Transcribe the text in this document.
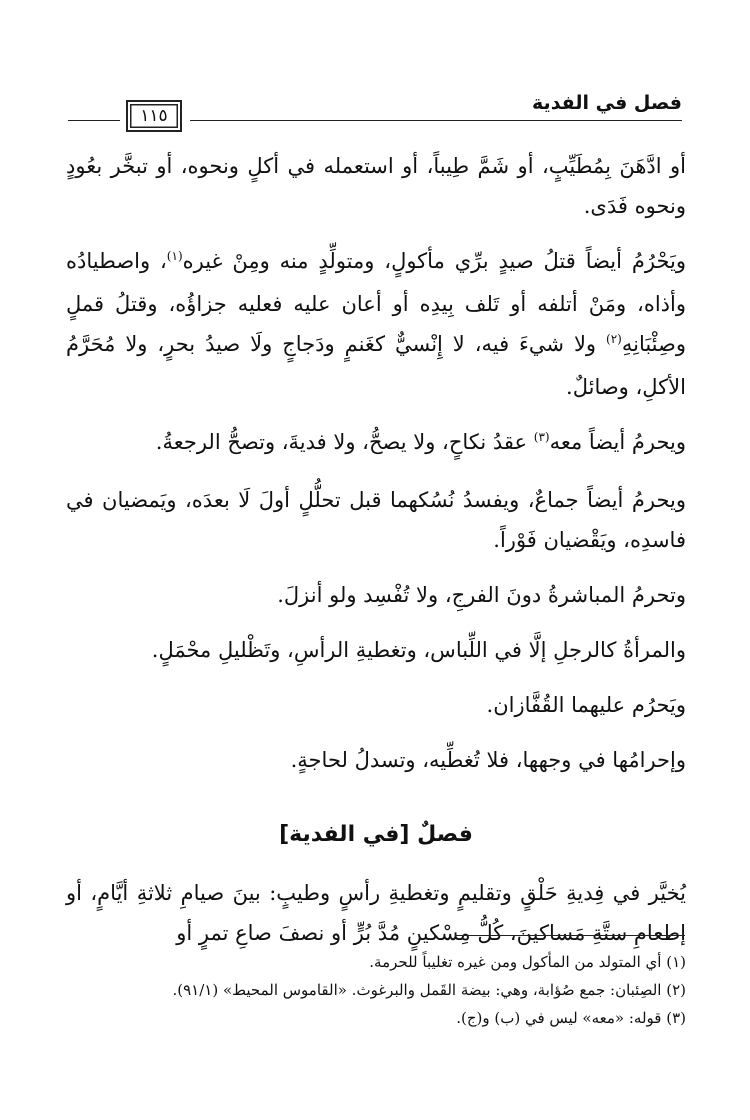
فصل في الفدية
١١٥

أو ادَّهَنَ بِمُطَيِّبٍ، أو شَمَّ طِيباً، أو استعمله في أكلٍ ونحوه، أو تبخَّر بعُودٍ ونحوه فَدَى.

ويَحْرُمُ أيضاً قتلُ صيدٍ برِّي مأكولٍ، ومتولِّدٍ منه ومِنْ غيره$^{(١)}$، واصطيادُه وأذاه، ومَنْ أتلفه أو تَلف بِيدِه أو أعان عليه فعليه جزاؤُه، وقتلُ قملٍ وصِئْبَانِهِ$^{(٢)}$ ولا شيءَ فيه، لا إِنْسيٌّ كغَنمٍ ودَجاجٍ ولَا صيدُ بحرٍ، ولا مُحَرَّمُ الأكلِ، وصائلٌ.

ويحرمُ أيضاً معه$^{(٣)}$ عقدُ نكاحٍ، ولا يصحُّ، ولا فديةَ، وتصحُّ الرجعةُ.

ويحرمُ أيضاً جماعٌ، ويفسدُ نُسُكهما قبل تحلُّلٍ أولَ لَا بعدَه، ويَمضيان في فاسدِه، ويَقْضيان فَوْراً.

وتحرمُ المباشرةُ دونَ الفرجِ، ولا تُفْسِد ولو أنزلَ.

والمرأةُ كالرجلِ إلَّا في اللِّباس، وتغطيةِ الرأسِ، وتَظْليلِ محْمَلٍ.

ويَحرُم عليهما القُفَّازان.

وإحرامُها في وجهها، فلا تُغطِّيه، وتسدلُ لحاجةٍ.

فصلٌ [في الفدية]

يُخيَّر في فِديةِ حَلْقٍ وتقليمٍ وتغطيةِ رأسٍ وطيبٍ: بينَ صيامِ ثلاثةِ أيَّامٍ، أو إطعامِ ستَّةِ مَساكينَ، كُلُّ مِسْكينٍ مُدَّ بُرٍّ أو نصفَ صاعِ تمرٍ أو

(١) أي المتولد من المأكول ومن غيره تغليباً للحرمة.

(٢) الصِئبان: جمع صُؤابة، وهي: بيضة القَمل والبرغوث. «القاموس المحيط» (٩١/١).

(٣) قوله: «معه» ليس في (ب) و(ج).
